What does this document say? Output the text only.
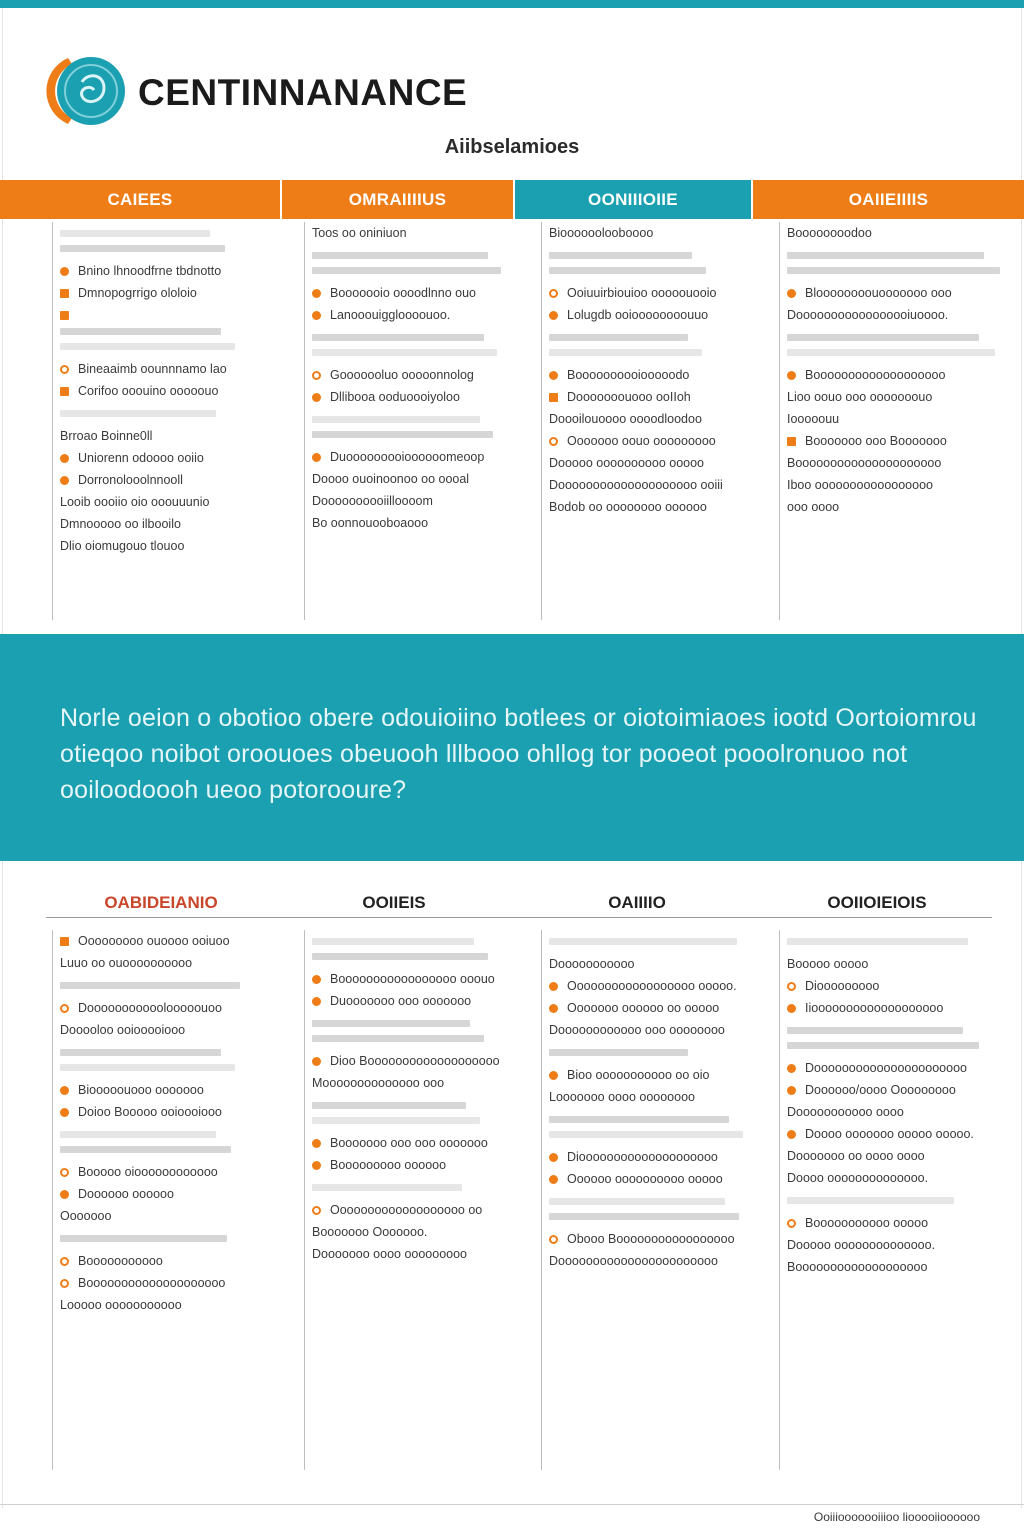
CENTINNANANCE
Aiibselamioes
CAIEES	OMRAIIIIUS	OONIIIOIIE	OAIIEIIIIS
Bnino lhnoodfrne tbdnotto
Dmnopogrrigo ololoio
Bineaaimb oounnnamo lao
Corifoo ooouino ooooouo
Brroao Boinne0ll
Uniorenn odoooo ooiio
Dorronolooolnnooll
Looib oooiio oio ooouuunio
Dmnooooo oo ilbooilo
Dlio oiomugouo tlouoo
Toos oo oniniuon
Booooooio oooodlnno ouo
Lanooouiggloooouoo.
Gooooooluo ooooonnolog
Dllibooa ooduoooiyoloo
Duooooooooioooooomeoop
Doooo ouoinoonoo oo oooal
Doooooooooiilloooom
Bo oonnouooboaooo
Bioooooolooboooo
Ooiuuirbiouioo ooooouooio
Lolugdb ooioooooooouuo
Boooooooooiooooodo
Dooooooouooo ooIIoh
Doooilouoooo oooodloodoo
Ooooooo oouo ooooooooo
Dooooo oooooooooo ooooo
Doooooooooooooooooooo ooiii
Bodob oo oooooooo oooooo
Boooooooodoo
Bloooooooouooooooo ooo
Dooooooooooooooooiuoooo.
Booooooooooooooooooo
Lioo oouo ooo ooooooouo
Iooooouu
Booooooo ooo Booooooo
Booooooooooooooooooooo
Iboo ooooooooooooooooo
ooo oooo
Norle oeion o obotioo obere odouioiino botlees or oiotoimiaoes iootd Oortoiomrou otieqoo noibot oroouoes obeuooh lllbooo ohllog tor pooeot pooolronuoo not ooiloodoooh ueoo potorooure?
OABIDEIANIO	OOIIEIS	OAIIIIO	OOIIOIEIOIS
Ooooooooo ouoooo ooiuoo
Luuo oo ouoooooooooo
Dooooooooooolooooouoo
Dooooloo ooiooooiooo
Biooooouooo ooooooo
Doioo Booooo ooioooiooo
Booooo oioooooooooooo
Doooooo oooooo
Ooooooo
Booooooooooo
Boooooooooooooooooooo
Looooo ooooooooooo
Booooooooooooooooo ooouo
Duooooooo ooo ooooooo
Dioo Booooooooooooooooooo
Moooooooooooooo ooo
Booooooo ooo ooo ooooooo
Booooooooo oooooo
Ooooooooooooooooooo oo
Booooooo Ooooooo.
Dooooooo oooo ooooooooo
Dooooooooooo
Oooooooooooooooooo ooooo.
Ooooooo oooooo oo ooooo
Doooooooooooo ooo oooooooo
Bioo ooooooooooo oo oio
Looooooo oooo oooooooo
Dioooooooooooooooooooo
Oooooo oooooooooo ooooo
Obooo Booooooooooooooooo
Dooooooooooooooooooooooo
Booooo ooooo
Diooooooooo
Iiooooooooooooooooooo
Doooooooooooooooooooooo
Doooooo/oooo Ooooooooo
Dooooooooooo oooo
Doooo ooooooo ooooo ooooo.
Dooooooo oo oooo oooo
Doooo oooooooooooooo.
Booooooooooo ooooo
Dooooo oooooooooooooo.
Booooooooooooooooooo
Ooiiiooooooiiioo liooooiioooooo
